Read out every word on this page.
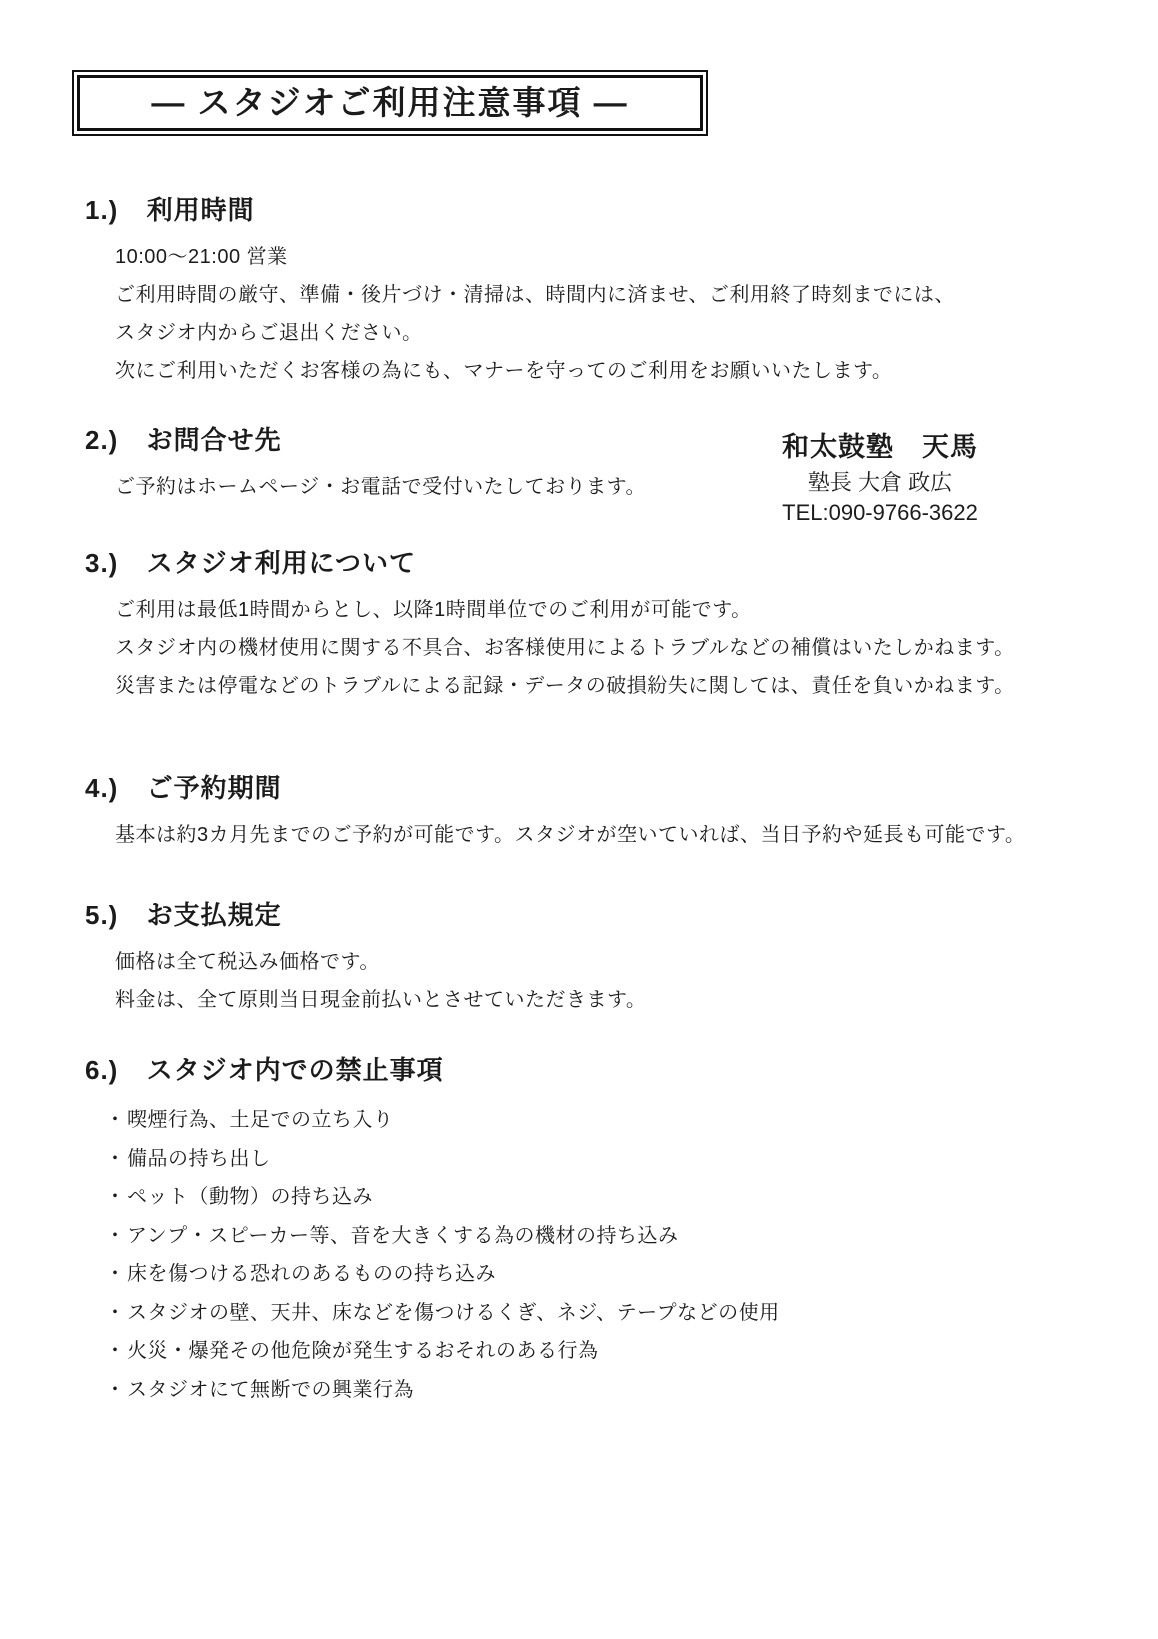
― スタジオご利用注意事項 ―
1.) 利用時間

10:00～21:00 営業

ご利用時間の厳守、準備・後片づけ・清掃は、時間内に済ませ、ご利用終了時刻までには、

スタジオ内からご退出ください。

次にご利用いただくお客様の為にも、マナーを守ってのご利用をお願いいたします。

2.) お問合せ先

ご予約はホームページ・お電話で受付いたしております。

和太鼓塾　天馬
塾長 大倉 政広
TEL:090-9766-3622
3.) スタジオ利用について

ご利用は最低1時間からとし、以降1時間単位でのご利用が可能です。

スタジオ内の機材使用に関する不具合、お客様使用によるトラブルなどの補償はいたしかねます。

災害または停電などのトラブルによる記録・データの破損紛失に関しては、責任を負いかねます。

4.) ご予約期間

基本は約3カ月先までのご予約が可能です。スタジオが空いていれば、当日予約や延長も可能です。

5.) お支払規定

価格は全て税込み価格です。

料金は、全て原則当日現金前払いとさせていただきます。

6.) スタジオ内での禁止事項
・喫煙行為、土足での立ち入り
・備品の持ち出し
・ペット（動物）の持ち込み
・アンプ・スピーカー等、音を大きくする為の機材の持ち込み
・床を傷つける恐れのあるものの持ち込み
・スタジオの壁、天井、床などを傷つけるくぎ、ネジ、テープなどの使用
・火災・爆発その他危険が発生するおそれのある行為
・スタジオにて無断での興業行為
